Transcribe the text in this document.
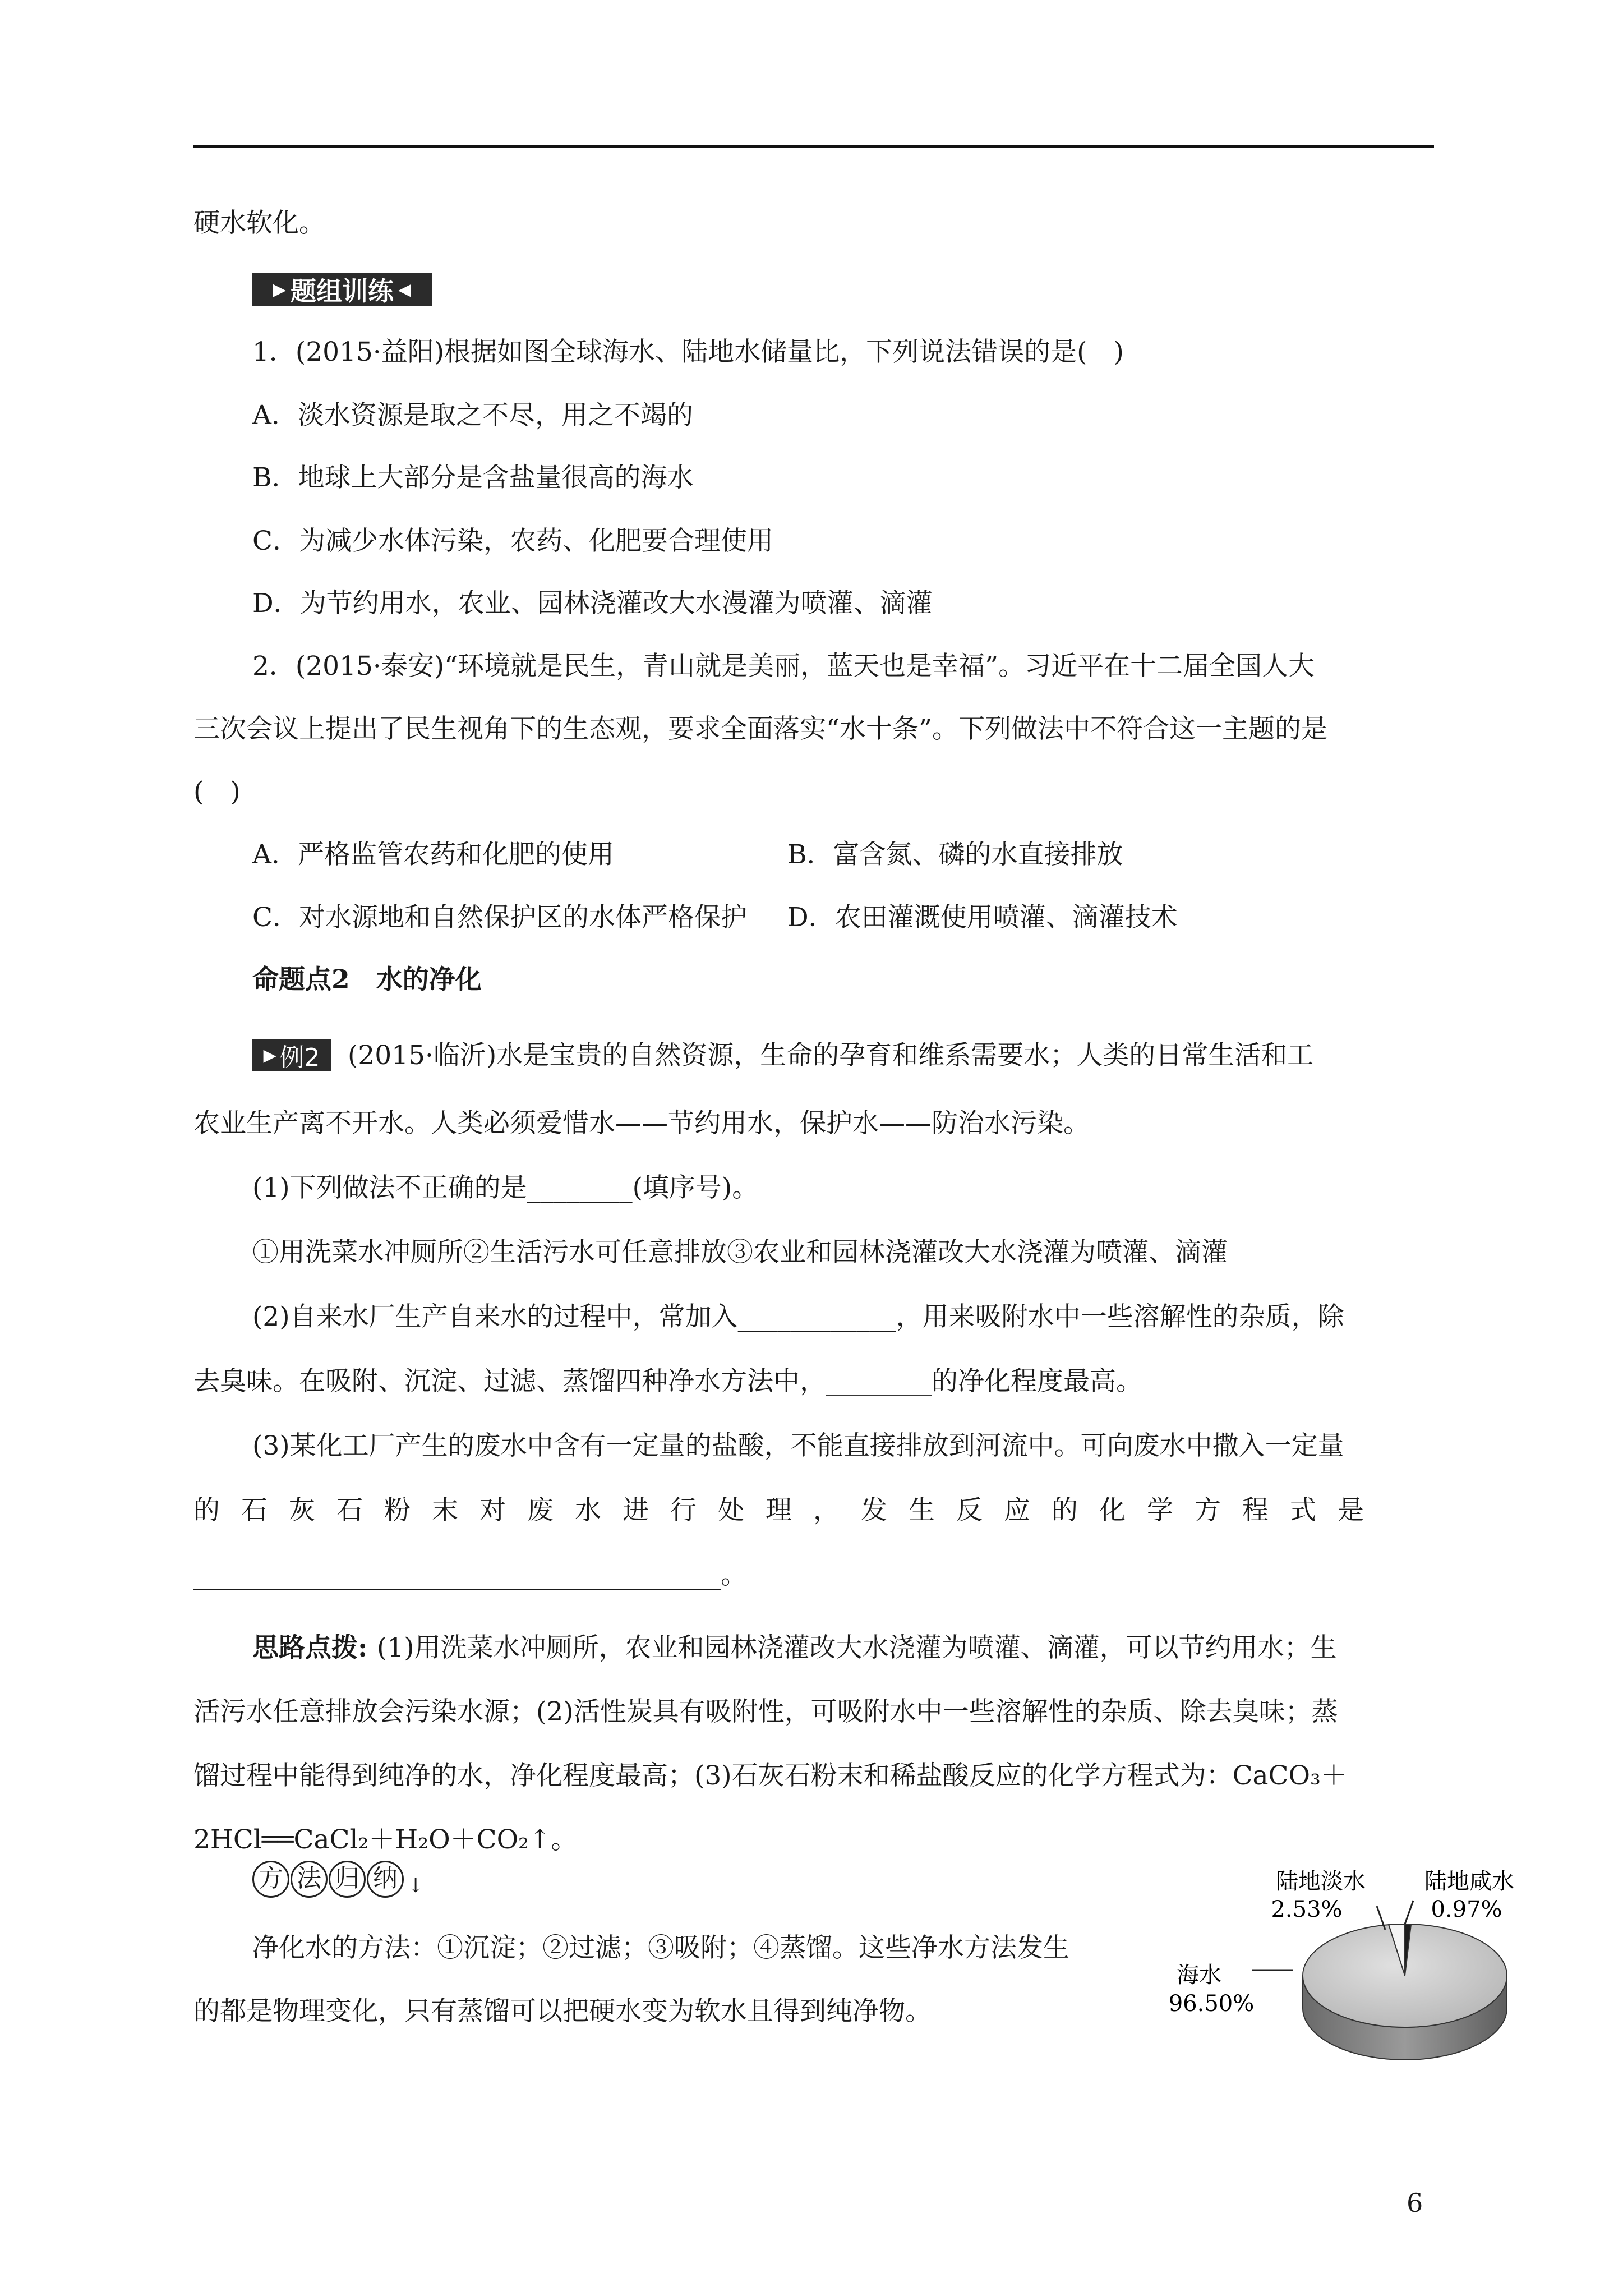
硬水软化。
▶ 题组训练 ◀
1．(2015·益阳)根据如图全球海水、陆地水储量比，下列说法错误的是(　)
A．淡水资源是取之不尽，用之不竭的
B．地球上大部分是含盐量很高的海水
C．为减少水体污染，农药、化肥要合理使用
D．为节约用水，农业、园林浇灌改大水漫灌为喷灌、滴灌
2．(2015·泰安)“环境就是民生，青山就是美丽，蓝天也是幸福”。习近平在十二届全国人大
三次会议上提出了民生视角下的生态观，要求全面落实“水十条”。下列做法中不符合这一主题的是
(　)
A．严格监管农药和化肥的使用	B．富含氮、磷的水直接排放
C．对水源地和自然保护区的水体严格保护 D．农田灌溉使用喷灌、滴灌技术
命题点2　水的净化
▶ 例2 (2015·临沂)水是宝贵的自然资源，生命的孕育和维系需要水；人类的日常生活和工
农业生产离不开水。人类必须爱惜水——节约用水，保护水——防治水污染。
(1)下列做法不正确的是________(填序号)。
①用洗菜水冲厕所②生活污水可任意排放③农业和园林浇灌改大水浇灌为喷灌、滴灌
(2)自来水厂生产自来水的过程中，常加入____________，用来吸附水中一些溶解性的杂质，除
去臭味。在吸附、沉淀、过滤、蒸馏四种净水方法中，________的净化程度最高。
(3)某化工厂产生的废水中含有一定量的盐酸，不能直接排放到河流中。可向废水中撒入一定量
的石灰石粉末对废水进行处理，发生反应的化学方程式是
________________________________________。
思路点拨: (1)用洗菜水冲厕所，农业和园林浇灌改大水浇灌为喷灌、滴灌，可以节约用水；生
活污水任意排放会污染水源；(2)活性炭具有吸附性，可吸附水中一些溶解性的杂质、除去臭味；蒸
馏过程中能得到纯净的水，净化程度最高；(3)石灰石粉末和稀盐酸反应的化学方程式为：CaCO₃＋
2HCl══CaCl₂＋H₂O＋CO₂↑。
方 法 归 纳 ↓
净化水的方法：①沉淀；②过滤；③吸附；④蒸馏。这些净水方法发生
的都是物理变化，只有蒸馏可以把硬水变为软水且得到纯净物。
陆地淡水
2.53%
陆地咸水
0.97%
海水
96.50%
6
